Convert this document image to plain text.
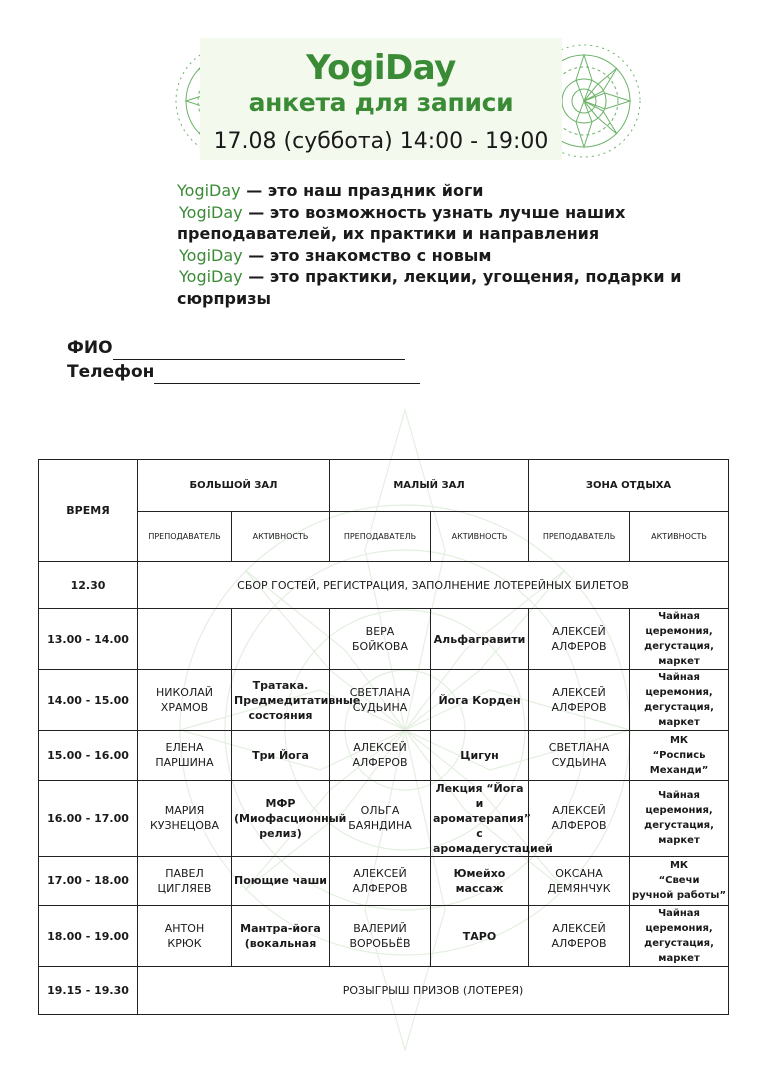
YogiDay
анкета для записи
17.08 (суббота) 14:00 - 19:00
YogiDay — это наш праздник йоги
YogiDay — это возможность узнать лучше наших
преподавателей, их практики и направления
YogiDay — это знакомство с новым
YogiDay — это практики, лекции, угощения, подарки и
сюрпризы
ФИО
Телефон
ВРЕМЯ	БОЛЬШОЙ ЗАЛ		МАЛЫЙ ЗАЛ		ЗОНА ОТДЫХА	
	ПРЕПОДАВАТЕЛЬ	АКТИВНОСТЬ	ПРЕПОДАВАТЕЛЬ	АКТИВНОСТЬ	ПРЕПОДАВАТЕЛЬ	АКТИВНОСТЬ
12.30	СБОР ГОСТЕЙ, РЕГИСТРАЦИЯ, ЗАПОЛНЕНИЕ ЛОТЕРЕЙНЫХ БИЛЕТОВ					
13.00 - 14.00			ВЕРА
БОЙКОВА	Альфагравити	АЛЕКСЕЙ
АЛФЕРОВ	Чайная церемония,
дегустация, маркет
14.00 - 15.00	НИКОЛАЙ
ХРАМОВ	Тратака.
Предмедитативные
состояния	СВЕТЛАНА
СУДЬИНА	Йога Корден	АЛЕКСЕЙ
АЛФЕРОВ	Чайная церемония,
дегустация, маркет
15.00 - 16.00	ЕЛЕНА
ПАРШИНА	Три Йога	АЛЕКСЕЙ
АЛФЕРОВ	Цигун	СВЕТЛАНА
СУДЬИНА	МК
“Роспись Механди”
16.00 - 17.00	МАРИЯ
КУЗНЕЦОВА	МФР
(Миофасционный
релиз)	ОЛЬГА
БАЯНДИНА	Лекция “Йога и
ароматерапия” с
аромадегустацией	АЛЕКСЕЙ
АЛФЕРОВ	Чайная церемония,
дегустация, маркет
17.00 - 18.00	ПАВЕЛ
ЦИГЛЯЕВ	Поющие чаши	АЛЕКСЕЙ
АЛФЕРОВ	Юмейхо
массаж	ОКСАНА
ДЕМЯНЧУК	МК
“Свечи
ручной работы”
18.00 - 19.00	АНТОН
КРЮК	Мантра-йога
(вокальная	ВАЛЕРИЙ
ВОРОБЬЁВ	ТАРО	АЛЕКСЕЙ
АЛФЕРОВ	Чайная церемония,
дегустация, маркет
19.15 - 19.30	РОЗЫГРЫШ ПРИЗОВ (ЛОТЕРЕЯ)					
